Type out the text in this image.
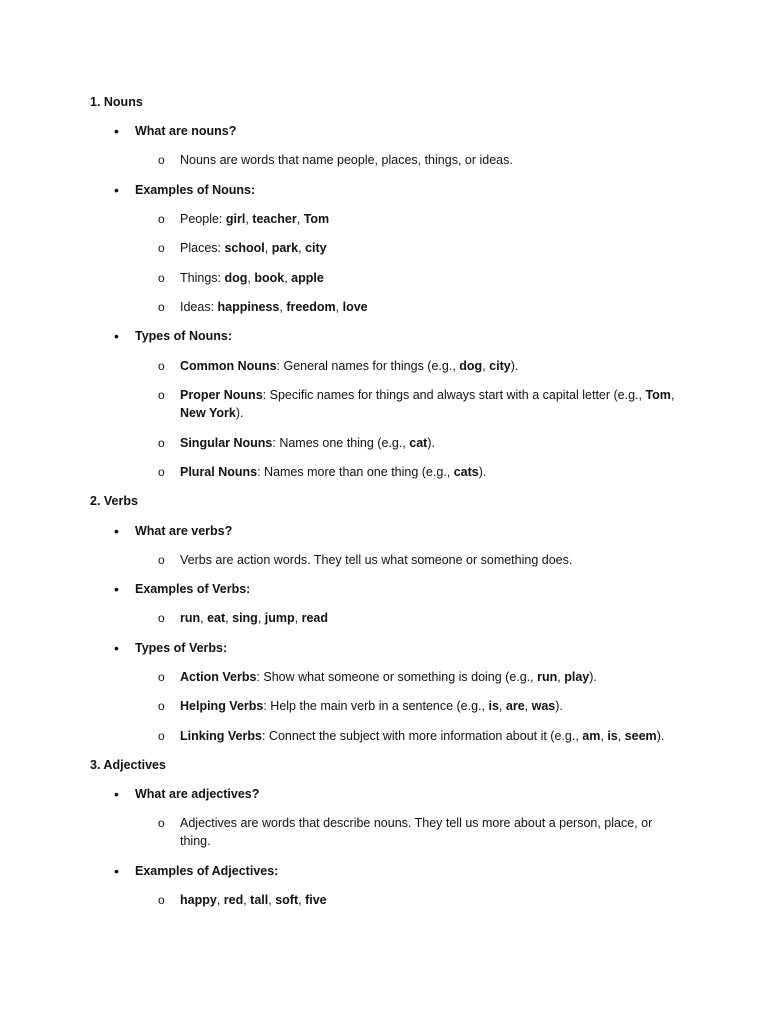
1. Nouns
• What are nouns?
o Nouns are words that name people, places, things, or ideas.
• Examples of Nouns:
o People: girl, teacher, Tom
o Places: school, park, city
o Things: dog, book, apple
o Ideas: happiness, freedom, love
• Types of Nouns:
o Common Nouns: General names for things (e.g., dog, city).
o Proper Nouns: Specific names for things and always start with a capital letter (e.g., Tom, New York).
o Singular Nouns: Names one thing (e.g., cat).
o Plural Nouns: Names more than one thing (e.g., cats).
2. Verbs
• What are verbs?
o Verbs are action words. They tell us what someone or something does.
• Examples of Verbs:
o run, eat, sing, jump, read
• Types of Verbs:
o Action Verbs: Show what someone or something is doing (e.g., run, play).
o Helping Verbs: Help the main verb in a sentence (e.g., is, are, was).
o Linking Verbs: Connect the subject with more information about it (e.g., am, is, seem).
3. Adjectives
• What are adjectives?
o Adjectives are words that describe nouns. They tell us more about a person, place, or thing.
• Examples of Adjectives:
o happy, red, tall, soft, five
